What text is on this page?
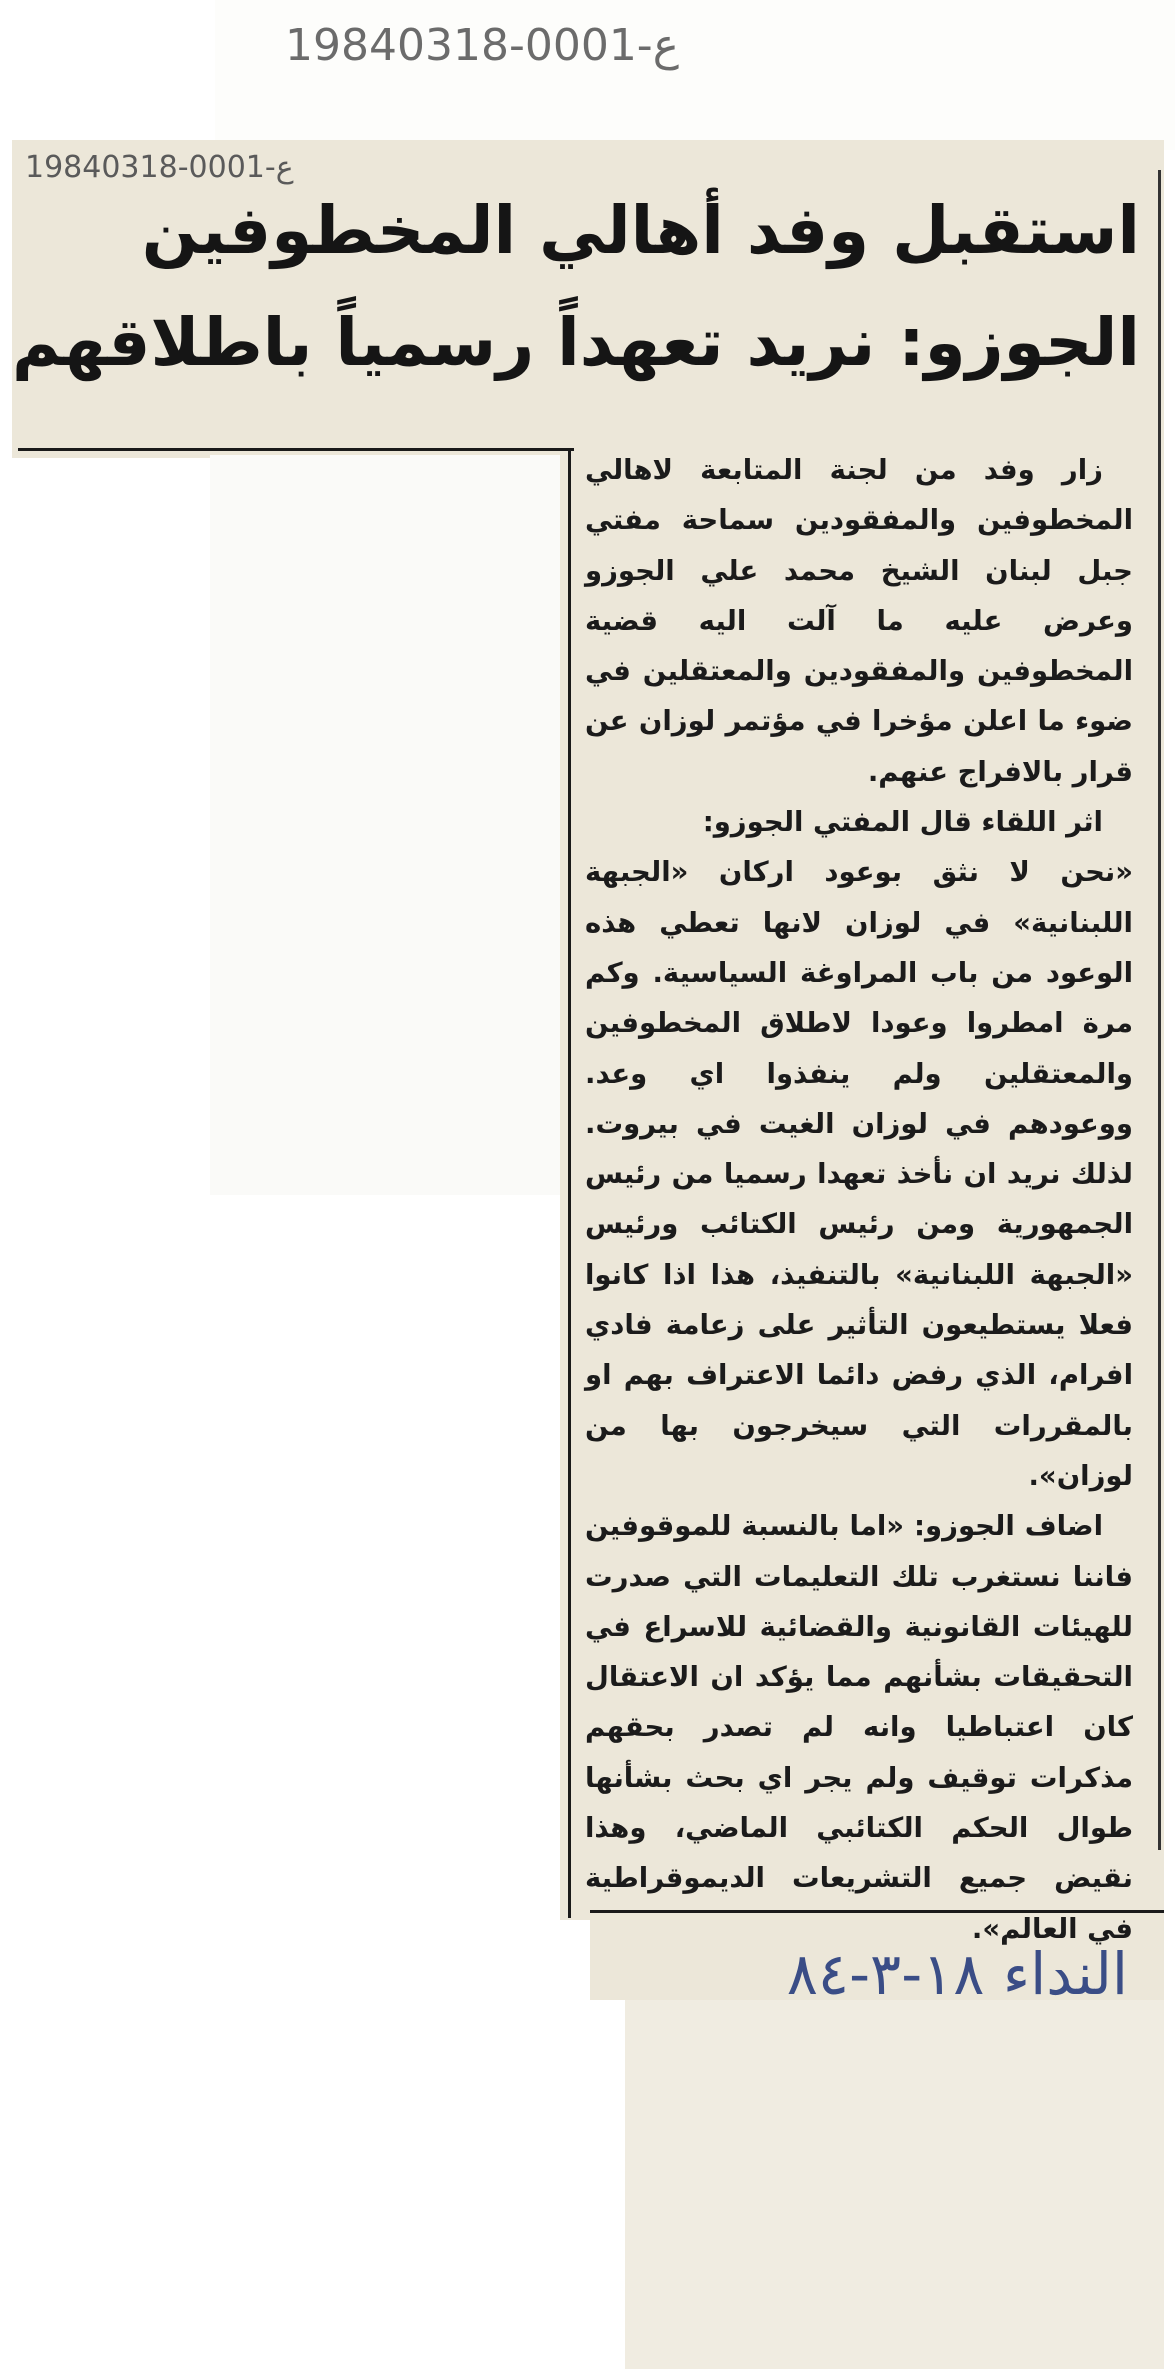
19840318-0001-ع
19840318-0001-ع
استقبل وفد أهالي المخطوفين
الجوزو: نريد تعهداً رسمياً باطلاقهم

زار وفد من لجنة المتابعة لاهالي المخطوفين والمفقودين سماحة مفتي جبل لبنان الشيخ محمد علي الجوزو وعرض عليه ما آلت اليه قضية المخطوفين والمفقودين والمعتقلين في ضوء ما اعلن مؤخرا في مؤتمر لوزان عن قرار بالافراج عنهم.

اثر اللقاء قال المفتي الجوزو:

«نحن لا نثق بوعود اركان «الجبهة اللبنانية» في لوزان لانها تعطي هذه الوعود من باب المراوغة السياسية. وكم مرة امطروا وعودا لاطلاق المخطوفين والمعتقلين ولم ينفذوا اي وعد. ووعودهم في لوزان الغيت في بيروت. لذلك نريد ان نأخذ تعهدا رسميا من رئيس الجمهورية ومن رئيس الكتائب ورئيس «الجبهة اللبنانية» بالتنفيذ، هذا اذا كانوا فعلا يستطيعون التأثير على زعامة فادي افرام، الذي رفض دائما الاعتراف بهم او بالمقررات التي سيخرجون بها من لوزان».

اضاف الجوزو: «اما بالنسبة للموقوفين فاننا نستغرب تلك التعليمات التي صدرت للهيئات القانونية والقضائية للاسراع في التحقيقات بشأنهم مما يؤكد ان الاعتقال كان اعتباطيا وانه لم تصدر بحقهم مذكرات توقيف ولم يجر اي بحث بشأنها طوال الحكم الكتائبي الماضي، وهذا نقيض جميع التشريعات الديموقراطية في العالم».

النداء ١٨-٣-٨٤
